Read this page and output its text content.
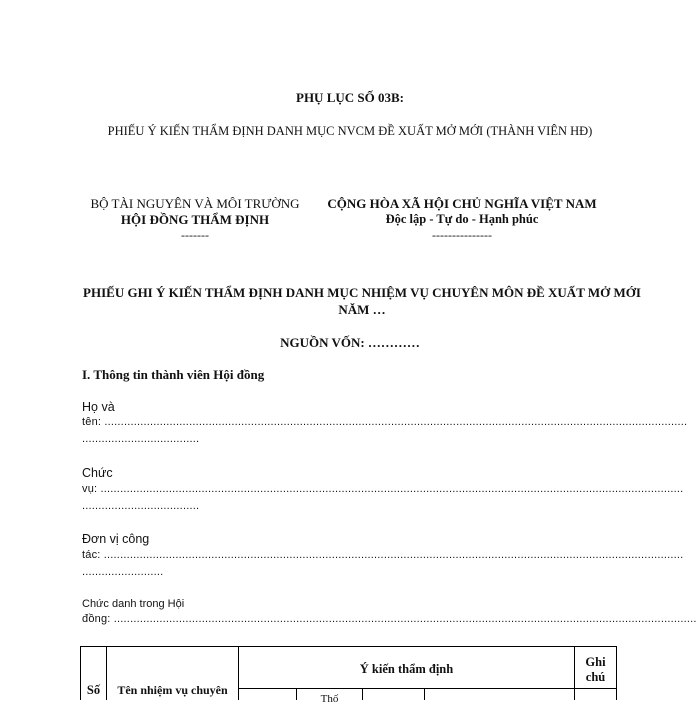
PHỤ LỤC SỐ 03B:
PHIẾU Ý KIẾN THẨM ĐỊNH DANH MỤC NVCM ĐỀ XUẤT MỞ MỚI (THÀNH VIÊN HĐ)
BỘ TÀI NGUYÊN VÀ MÔI TRƯỜNG
HỘI ĐỒNG THẨM ĐỊNH
-------
CỘNG HÒA XÃ HỘI CHỦ NGHĨA VIỆT NAM
Độc lập - Tự do - Hạnh phúc
---------------
PHIẾU GHI Ý KIẾN THẨM ĐỊNH DANH MỤC NHIỆM VỤ CHUYÊN MÔN ĐỀ XUẤT MỞ MỚI NĂM …
NGUỒN VỐN: …………
I. Thông tin thành viên Hội đồng
Họ và
tên: ...................................................................................................................................................................................
....................................
Chức
vụ: ...................................................................................................................................................................................
....................................
Đơn vị công
tác: ..................................................................................................................................................................................
.........................
Chức danh trong Hội
đồng: ...................................................................................................................................................................................
Số	Tên nhiệm vụ chuyên
Ý kiến thẩm định	Ghi
chú
Thố
